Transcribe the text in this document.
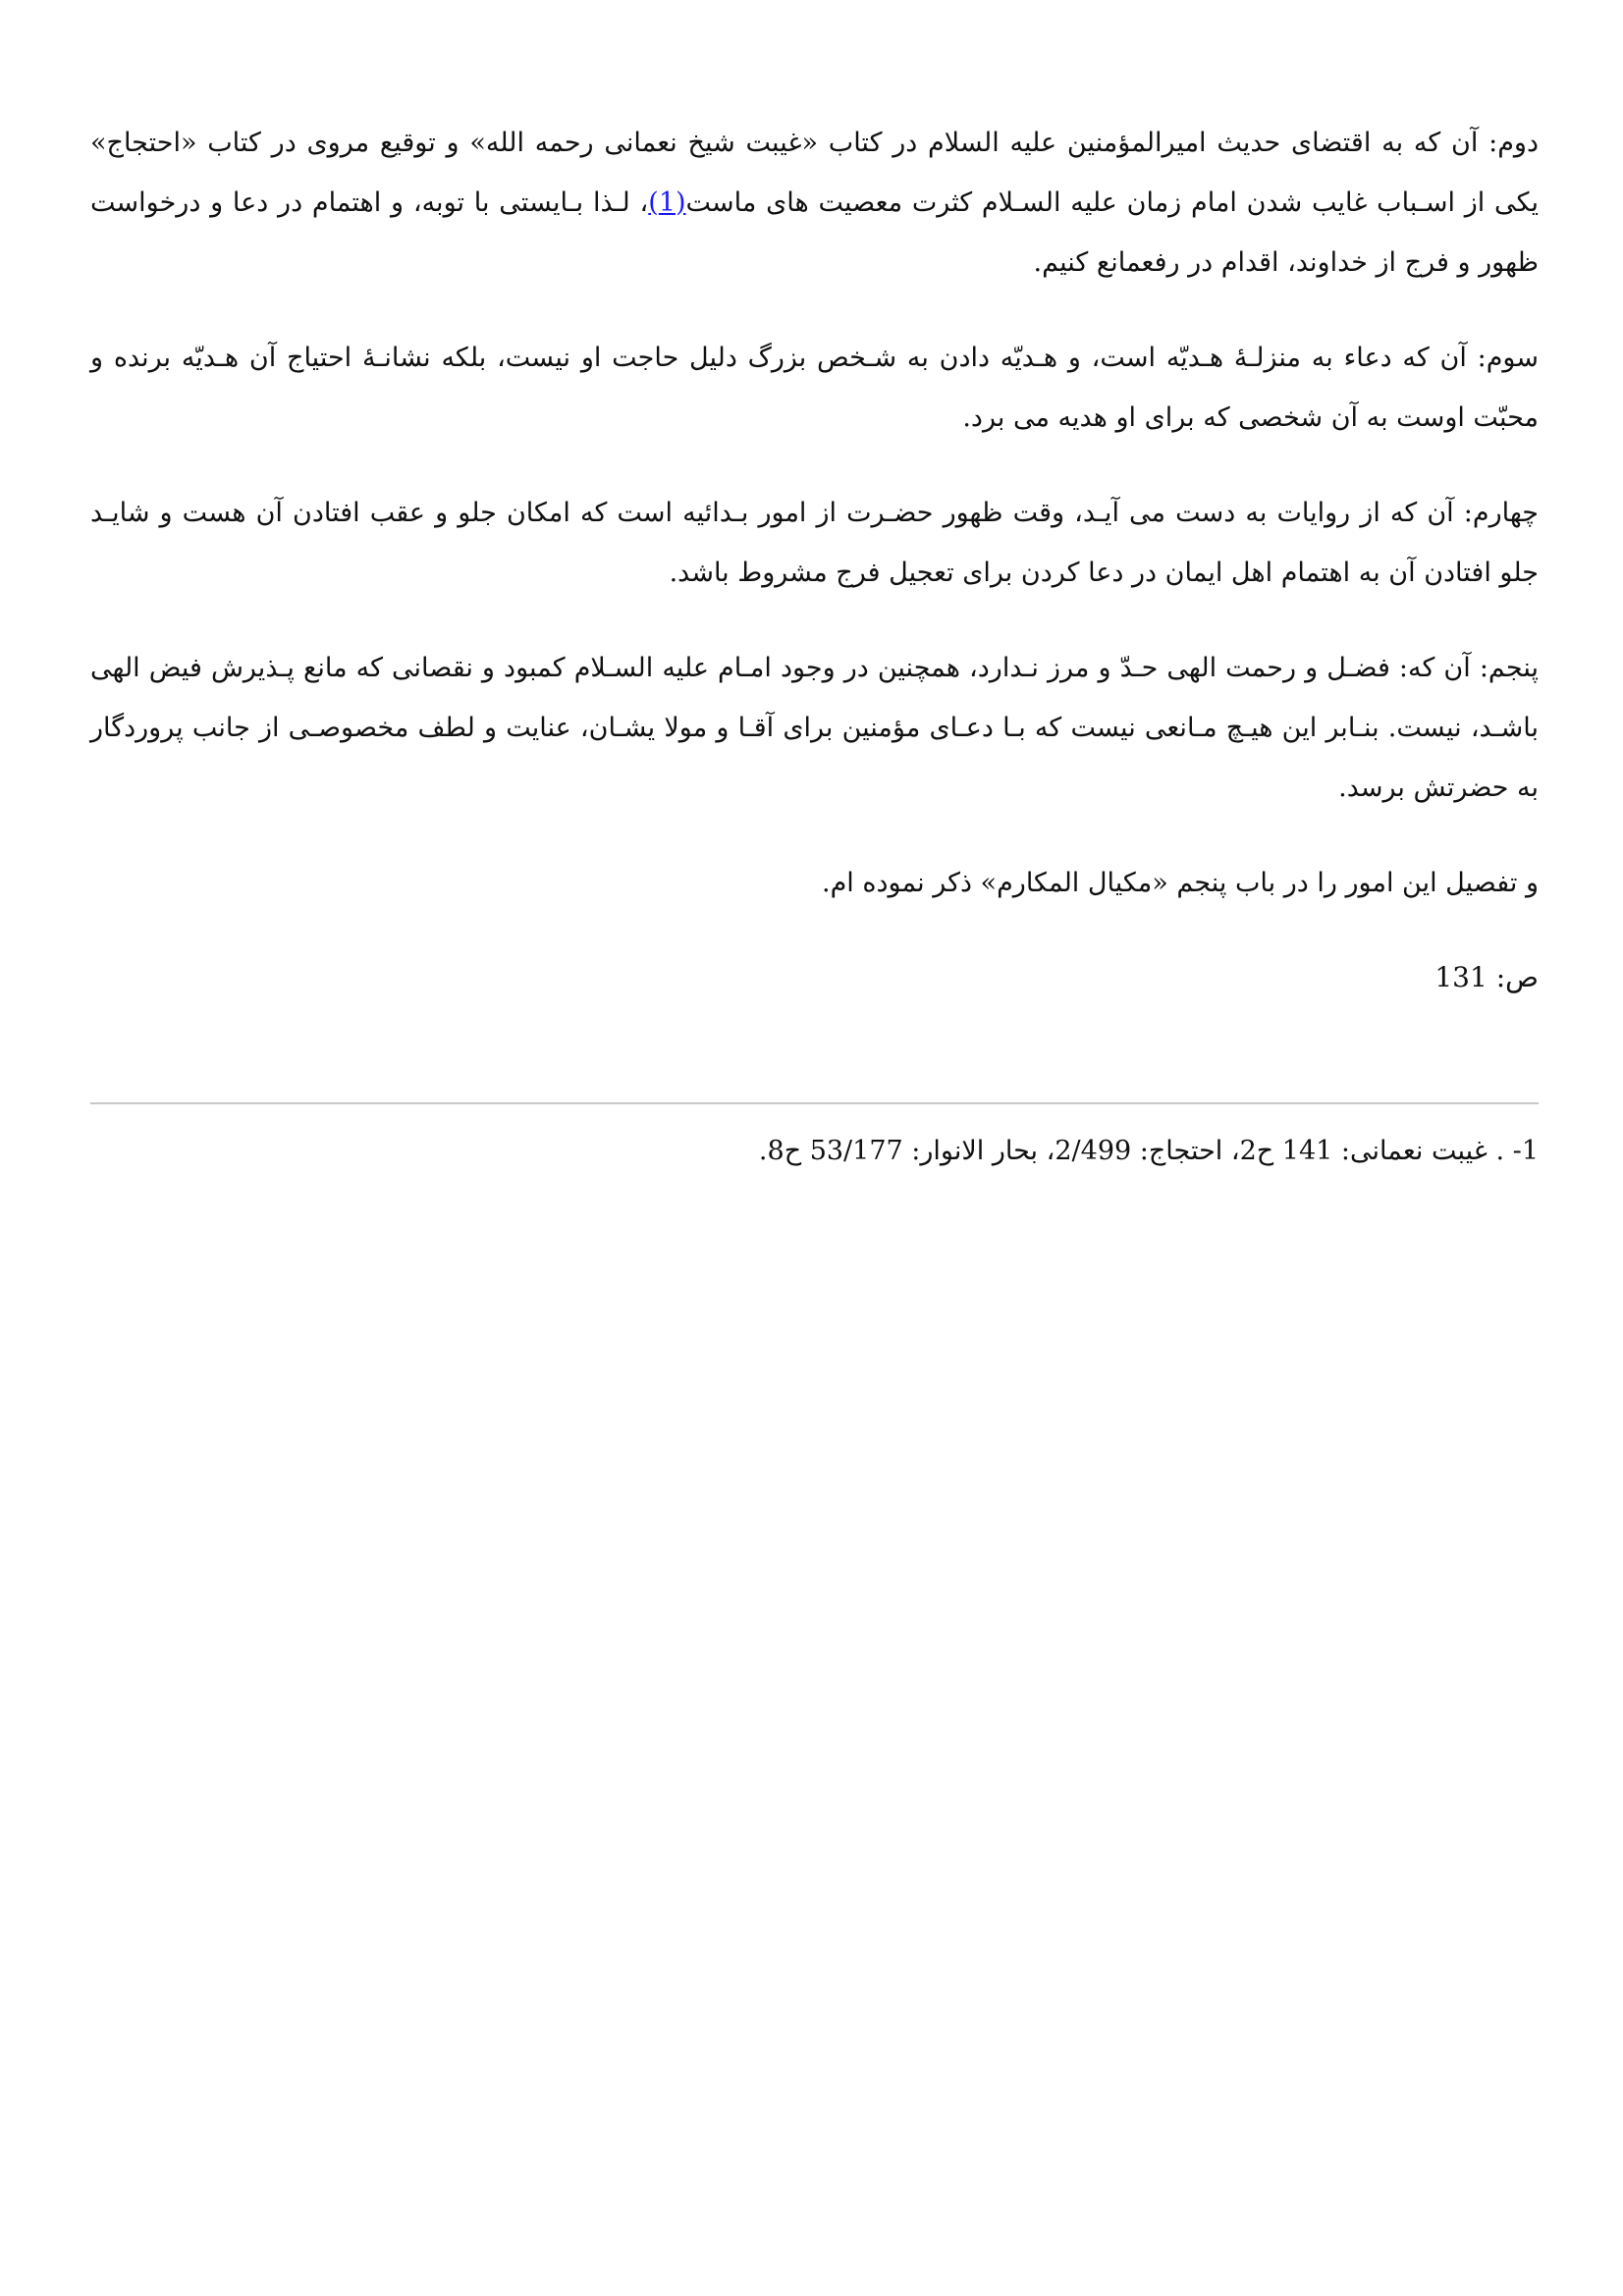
دوم: آن که به اقتضای حدیث امیرالمؤمنین علیه السلام در کتاب «غیبت شیخ نعمانی رحمه الله» و توقیع مروی در کتاب «احتجاج» یکی از اسـباب غایب شدن امام زمان علیه السـلام کثرت معصیت های ماست(1)، لـذا بـایستی با توبه، و اهتمام در دعا و درخواست ظهور و فرج از خداوند، اقدام در رفعمانع کنیم.

سوم: آن که دعاء به منزلـۀ هـدیّه است، و هـدیّه دادن به شـخص بزرگ دلیل حاجت او نیست، بلکه نشانـۀ احتیاج آن هـدیّه برنده و محبّت اوست به آن شخصی که برای او هدیه می برد.

چهارم: آن که از روایات به دست می آیـد، وقت ظهور حضـرت از امور بـدائیه است که امکان جلو و عقب افتادن آن هست و شایـد جلو افتادن آن به اهتمام اهل ایمان در دعا کردن برای تعجیل فرج مشروط باشد.

پنجم: آن که: فضـل و رحمت الهی حـدّ و مرز نـدارد، همچنین در وجود امـام علیه السـلام کمبود و نقصانی که مانع پـذیرش فیض الهی باشـد، نیست. بنـابر این هیـچ مـانعی نیست که بـا دعـای مؤمنین برای آقـا و مولا یشـان، عنایت و لطف مخصوصـی از جانب پروردگار به حضرتش برسد.

و تفصیل این امور را در باب پنجم «مکیال المکارم» ذکر نموده ام.

ص: 131

1- . غیبت نعمانی: 141 ح2، احتجاج: 2/499، بحار الانوار: 53/177 ح8.
